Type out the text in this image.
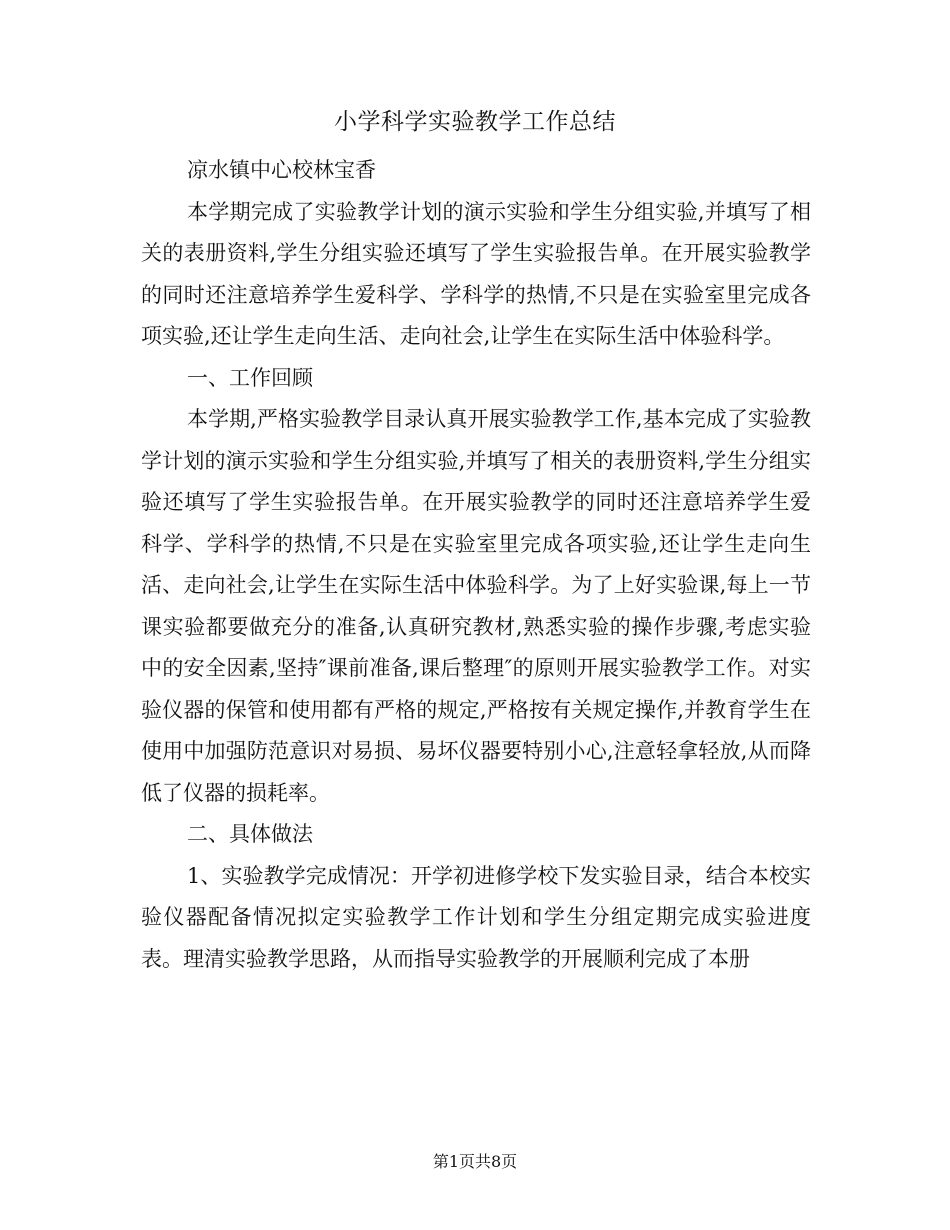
小学科学实验教学工作总结

凉水镇中心校林宝香

本学期完成了实验教学计划的演示实验和学生分组实验,并填写了相关的表册资料,学生分组实验还填写了学生实验报告单。在开展实验教学的同时还注意培养学生爱科学、学科学的热情,不只是在实验室里完成各项实验,还让学生走向生活、走向社会,让学生在实际生活中体验科学。

一、工作回顾

本学期,严格实验教学目录认真开展实验教学工作,基本完成了实验教学计划的演示实验和学生分组实验,并填写了相关的表册资料,学生分组实验还填写了学生实验报告单。在开展实验教学的同时还注意培养学生爱科学、学科学的热情,不只是在实验室里完成各项实验,还让学生走向生活、走向社会,让学生在实际生活中体验科学。为了上好实验课,每上一节课实验都要做充分的准备,认真研究教材,熟悉实验的操作步骤,考虑实验中的安全因素,坚持″课前准备,课后整理″的原则开展实验教学工作。对实验仪器的保管和使用都有严格的规定,严格按有关规定操作,并教育学生在使用中加强防范意识对易损、易坏仪器要特别小心,注意轻拿轻放,从而降低了仪器的损耗率。

二、具体做法

1、实验教学完成情况：开学初进修学校下发实验目录，结合本校实验仪器配备情况拟定实验教学工作计划和学生分组定期完成实验进度表。理清实验教学思路，从而指导实验教学的开展顺利完成了本册

第1页共8页
